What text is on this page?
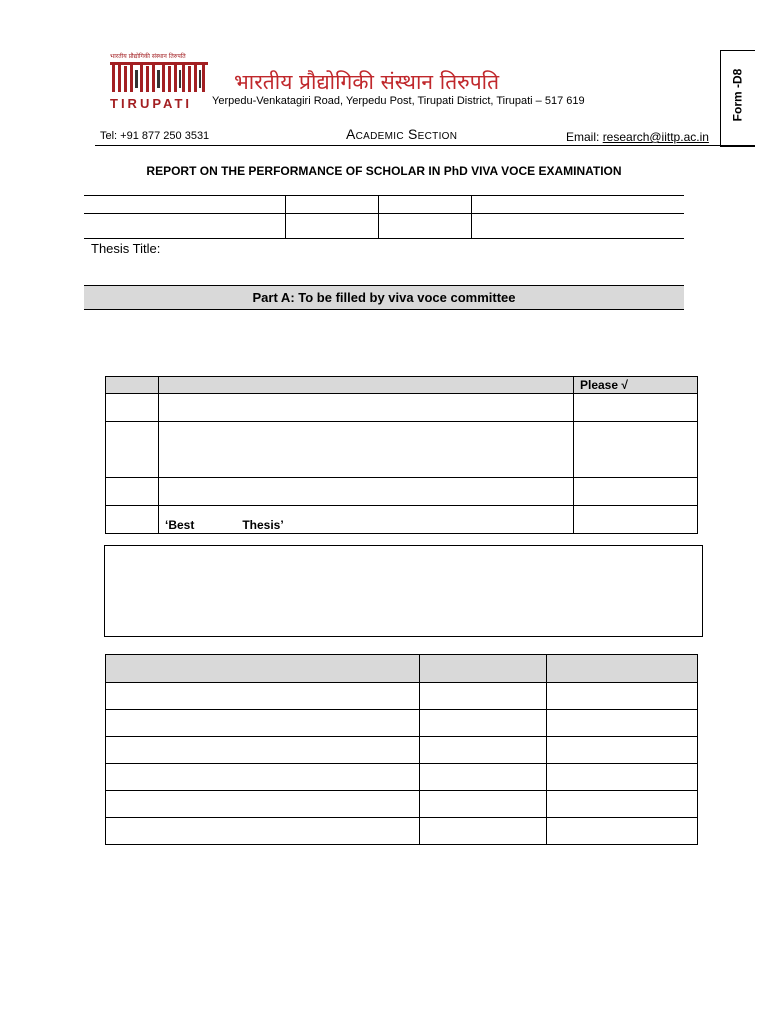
भारतीय प्रौद्योगिकी संस्थान तिरुपति
TIRUPATI
भारतीय प्रौद्योगिकी संस्थान तिरुपति
Yerpedu-Venkatagiri Road, Yerpedu Post, Tirupati District, Tirupati – 517 619	Form -D8
Tel: +91 877 250 3531	Academic Section	Email: research@iittp.ac.in
REPORT ON THE PERFORMANCE OF SCHOLAR IN PhD VIVA VOCE EXAMINATION

Thesis Title:
Part A: To be filled by viva voce committee
		Please √

	‘Best Thesis’	
